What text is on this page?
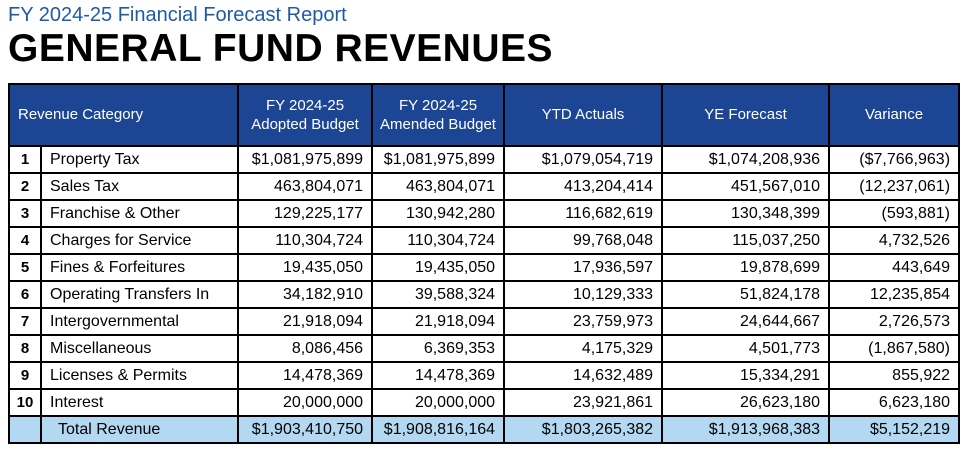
FY 2024-25 Financial Forecast Report
GENERAL FUND REVENUES
Revenue Category		FY 2024-25 Adopted Budget	FY 2024-25 Amended Budget	YTD Actuals	YE Forecast	Variance
1	Property Tax	$1,081,975,899	$1,081,975,899	$1,079,054,719	$1,074,208,936	($7,766,963)
2	Sales Tax	463,804,071	463,804,071	413,204,414	451,567,010	(12,237,061)
3	Franchise & Other	129,225,177	130,942,280	116,682,619	130,348,399	(593,881)
4	Charges for Service	110,304,724	110,304,724	99,768,048	115,037,250	4,732,526
5	Fines & Forfeitures	19,435,050	19,435,050	17,936,597	19,878,699	443,649
6	Operating Transfers In	34,182,910	39,588,324	10,129,333	51,824,178	12,235,854
7	Intergovernmental	21,918,094	21,918,094	23,759,973	24,644,667	2,726,573
8	Miscellaneous	8,086,456	6,369,353	4,175,329	4,501,773	(1,867,580)
9	Licenses & Permits	14,478,369	14,478,369	14,632,489	15,334,291	855,922
10	Interest	20,000,000	20,000,000	23,921,861	26,623,180	6,623,180
	Total Revenue	$1,903,410,750	$1,908,816,164	$1,803,265,382	$1,913,968,383	$5,152,219
